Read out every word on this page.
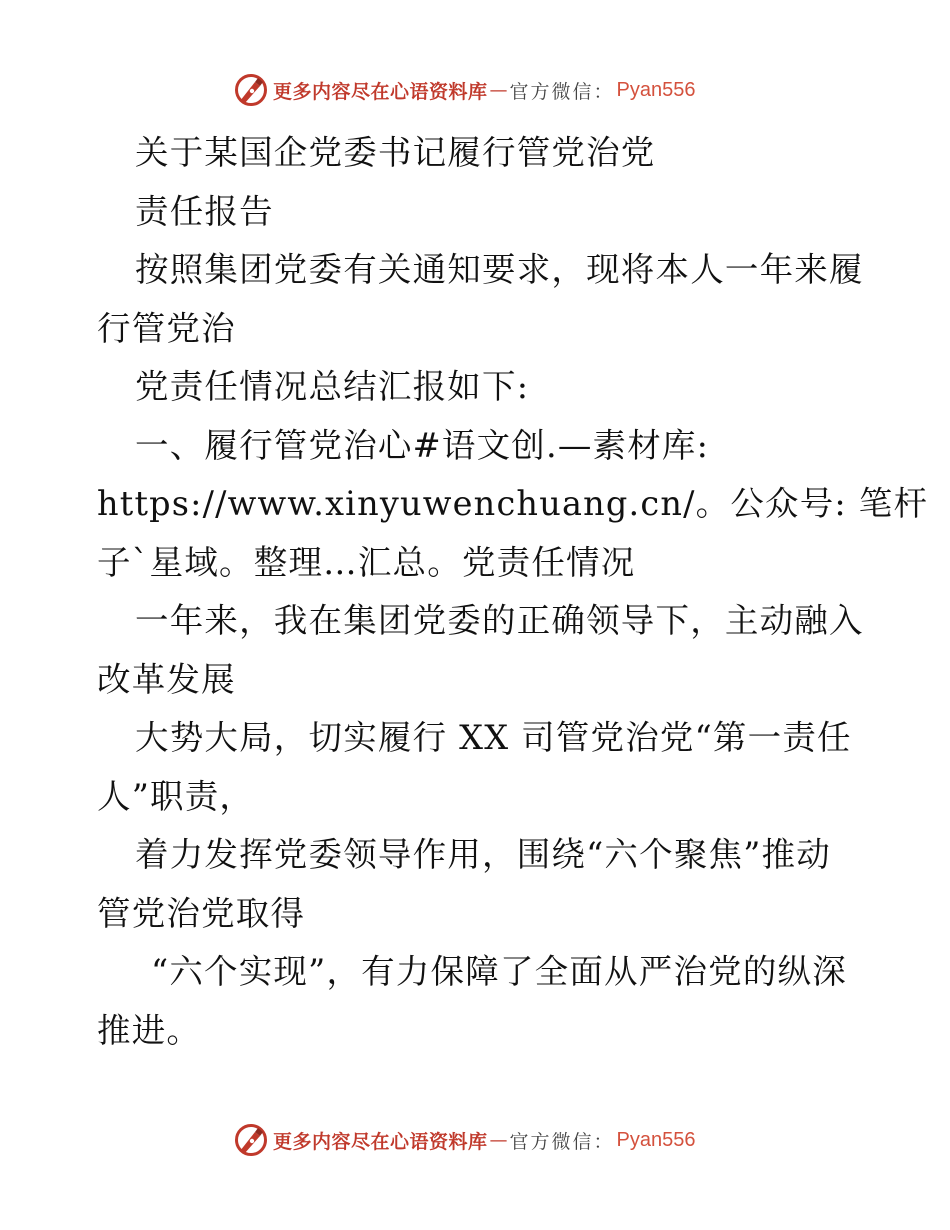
更多内容尽在心语资料库 — 官方微信： Pyan556
关于某国企党委书记履行管党治党
责任报告
按照集团党委有关通知要求，现将本人一年来履
行管党治
党责任情况总结汇报如下:
一、履行管党治心#语文创.—素材库:
https://www.xinyuwenchuang.cn/。公众号: 笔杆
子`星域。整理…汇总。党责任情况
一年来，我在集团党委的正确领导下，主动融入
改革发展
大势大局，切实履行 XX 司管党治党“第一责任
人”职责，
着力发挥党委领导作用，围绕“六个聚焦”推动
管党治党取得
“六个实现”，有力保障了全面从严治党的纵深
推进。
更多内容尽在心语资料库 — 官方微信： Pyan556
